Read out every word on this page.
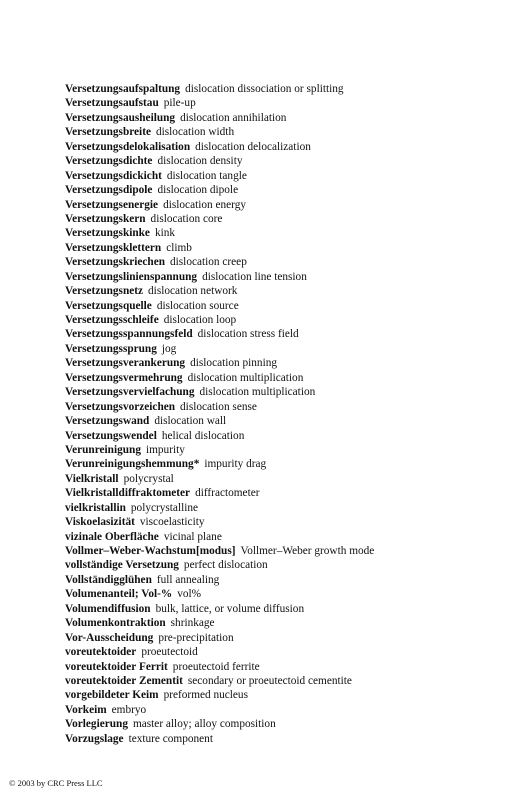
Versetzungsaufspaltung dislocation dissociation or splitting
Versetzungsaufstau pile-up
Versetzungsausheilung dislocation annihilation
Versetzungsbreite dislocation width
Versetzungsdelokalisation dislocation delocalization
Versetzungsdichte dislocation density
Versetzungsdickicht dislocation tangle
Versetzungsdipole dislocation dipole
Versetzungsenergie dislocation energy
Versetzungskern dislocation core
Versetzungskinke kink
Versetzungsklettern climb
Versetzungskriechen dislocation creep
Versetzungslinienspannung dislocation line tension
Versetzungsnetz dislocation network
Versetzungsquelle dislocation source
Versetzungsschleife dislocation loop
Versetzungsspannungsfeld dislocation stress field
Versetzungssprung jog
Versetzungsverankerung dislocation pinning
Versetzungsvermehrung dislocation multiplication
Versetzungsvervielfachung dislocation multiplication
Versetzungsvorzeichen dislocation sense
Versetzungswand dislocation wall
Versetzungswendel helical dislocation
Verunreinigung impurity
Verunreinigungshemmung* impurity drag
Vielkristall polycrystal
Vielkristalldiffraktometer diffractometer
vielkristallin polycrystalline
Viskoelasizität viscoelasticity
vizinale Oberfläche vicinal plane
Vollmer–Weber-Wachstum[modus] Vollmer–Weber growth mode
vollständige Versetzung perfect dislocation
Vollständigglühen full annealing
Volumenanteil; Vol-% vol%
Volumendiffusion bulk, lattice, or volume diffusion
Volumenkontraktion shrinkage
Vor-Ausscheidung pre-precipitation
voreutektoider proeutectoid
voreutektoider Ferrit proeutectoid ferrite
voreutektoider Zementit secondary or proeutectoid cementite
vorgebildeter Keim preformed nucleus
Vorkeim embryo
Vorlegierung master alloy; alloy composition
Vorzugslage texture component
© 2003 by CRC Press LLC
